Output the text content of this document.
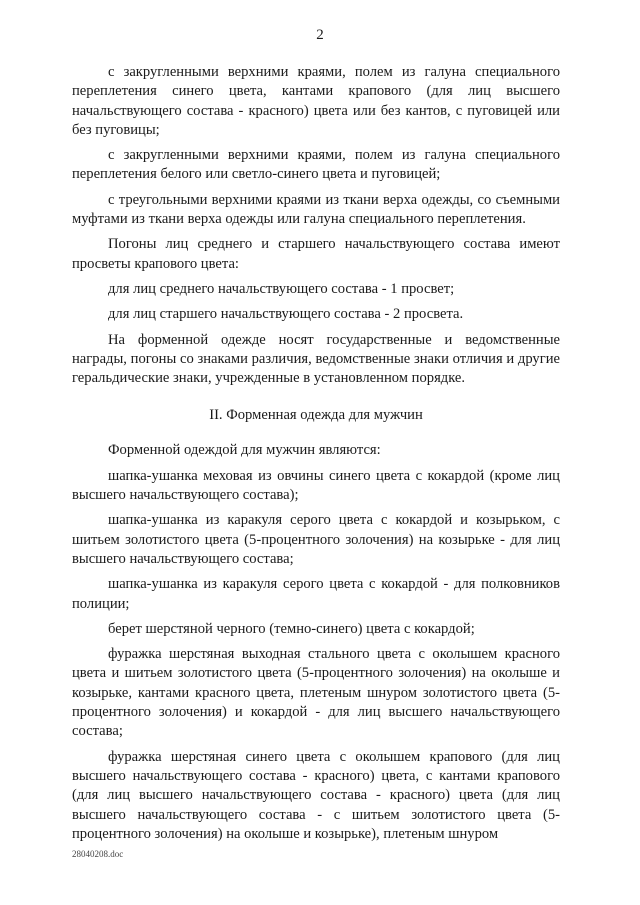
2

с закругленными верхними краями, полем из галуна специального переплетения синего цвета, кантами крапового (для лиц высшего начальствующего состава - красного) цвета или без кантов, с пуговицей или без пуговицы;

с закругленными верхними краями, полем из галуна специального переплетения белого или светло-синего цвета и пуговицей;

с треугольными верхними краями из ткани верха одежды, со съемными муфтами из ткани верха одежды или галуна специального переплетения.

Погоны лиц среднего и старшего начальствующего состава имеют просветы крапового цвета:

для лиц среднего начальствующего состава - 1 просвет;

для лиц старшего начальствующего состава - 2 просвета.

На форменной одежде носят государственные и ведомственные награды, погоны со знаками различия, ведомственные знаки отличия и другие геральдические знаки, учрежденные в установленном порядке.

II. Форменная одежда для мужчин

Форменной одеждой для мужчин являются:

шапка-ушанка меховая из овчины синего цвета с кокардой (кроме лиц высшего начальствующего состава);

шапка-ушанка из каракуля серого цвета с кокардой и козырьком, с шитьем золотистого цвета (5-процентного золочения) на козырьке - для лиц высшего начальствующего состава;

шапка-ушанка из каракуля серого цвета с кокардой - для полковников полиции;

берет шерстяной черного (темно-синего) цвета с кокардой;

фуражка шерстяная выходная стального цвета с околышем красного цвета и шитьем золотистого цвета (5-процентного золочения) на околыше и козырьке, кантами красного цвета, плетеным шнуром золотистого цвета (5-процентного золочения) и кокардой - для лиц высшего начальствующего состава;

фуражка шерстяная синего цвета с околышем крапового (для лиц высшего начальствующего состава - красного) цвета, с кантами крапового (для лиц высшего начальствующего состава - красного) цвета (для лиц высшего начальствующего состава - с шитьем золотистого цвета (5-процентного золочения) на околыше и козырьке), плетеным шнуром

28040208.doc
